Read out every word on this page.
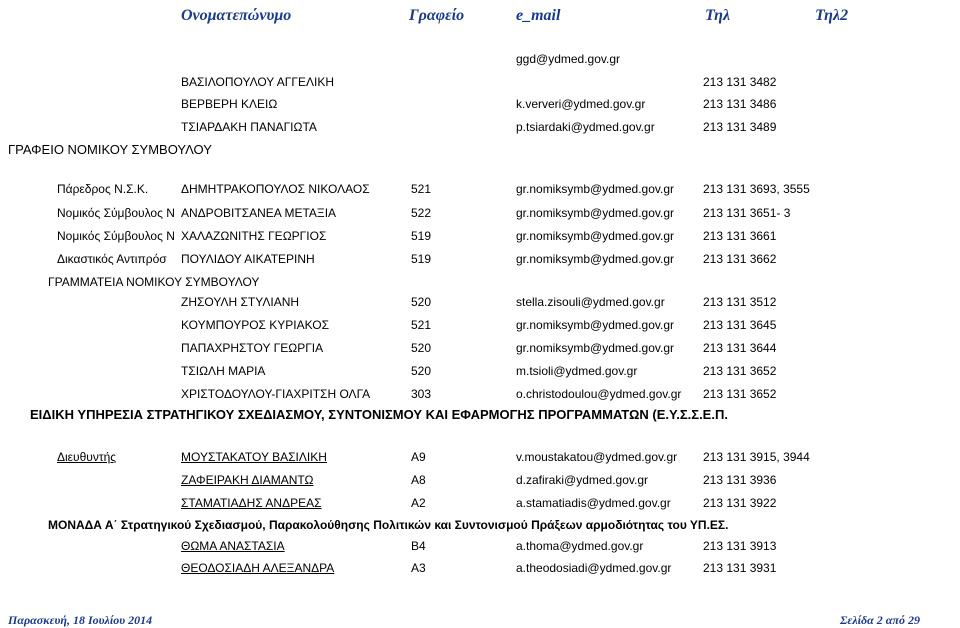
Ονοματεπώνυμο	Γραφείο	e_mail	Τηλ	Τηλ2
ggd@ydmed.gov.gr
ΒΑΣΙΛΟΠΟΥΛΟΥ ΑΓΓΕΛΙΚΗ	213 131 3482
ΒΕΡΒΕΡΗ ΚΛΕΙΩ	k.ververi@ydmed.gov.gr	213 131 3486
ΤΣΙΑΡΔΑΚΗ ΠΑΝΑΓΙΩΤΑ	p.tsiardaki@ydmed.gov.gr	213 131 3489
ΓΡΑΦΕΙΟ ΝΟΜΙΚΟΥ ΣΥΜΒΟΥΛΟΥ
Πάρεδρος Ν.Σ.Κ.	ΔΗΜΗΤΡΑΚΟΠΟΥΛΟΣ ΝΙΚΟΛΑΟΣ	521	gr.nomiksymb@ydmed.gov.gr 213 131 3693, 3555
Νομικός Σύμβουλος Ν ΑΝΔΡΟΒΙΤΣΑΝΕΑ ΜΕΤΑΞΙΑ	522	gr.nomiksymb@ydmed.gov.gr 213 131 3651- 3
Νομικός Σύμβουλος Ν ΧΑΛΑΖΩΝΙΤΗΣ ΓΕΩΡΓΙΟΣ	519	gr.nomiksymb@ydmed.gov.gr 213 131 3661
Δικαστικός Αντιπρόσ ΠΟΥΛΙΔΟΥ ΑΙΚΑΤΕΡΙΝΗ	519	gr.nomiksymb@ydmed.gov.gr 213 131 3662
ΓΡΑΜΜΑΤΕΙΑ ΝΟΜΙΚΟΥ ΣΥΜΒΟΥΛΟΥ
ΖΗΣΟΥΛΗ ΣΤΥΛΙΑΝΗ	520	stella.zisouli@ydmed.gov.gr	213 131 3512
ΚΟΥΜΠΟΥΡΟΣ ΚΥΡΙΑΚΟΣ	521	gr.nomiksymb@ydmed.gov.gr 213 131 3645
ΠΑΠΑΧΡΗΣΤΟΥ ΓΕΩΡΓΙΑ	520	gr.nomiksymb@ydmed.gov.gr 213 131 3644
ΤΣΙΩΛΗ ΜΑΡΙΑ	520	m.tsioli@ydmed.gov.gr	213 131 3652
ΧΡΙΣΤΟΔΟΥΛΟΥ-ΓΙΑΧΡΙΤΣΗ ΟΛΓΑ	303	o.christodoulou@ydmed.gov.gr 213 131 3652
ΕΙΔΙΚΗ ΥΠΗΡΕΣΙΑ ΣΤΡΑΤΗΓΙΚΟΥ ΣΧΕΔΙΑΣΜΟΥ, ΣΥΝΤΟΝΙΣΜΟΥ ΚΑΙ ΕΦΑΡΜΟΓΗΣ ΠΡΟΓΡΑΜΜΑΤΩΝ (Ε.Υ.Σ.Σ.Ε.Π.
Διευθυντής	ΜΟΥΣΤΑΚΑΤΟΥ ΒΑΣΙΛΙΚΗ	Α9	v.moustakatou@ydmed.gov.gr 213 131 3915, 3944
ΖΑΦΕΙΡΑΚΗ ΔΙΑΜΑΝΤΩ	Α8	d.zafiraki@ydmed.gov.gr	213 131 3936
ΣΤΑΜΑΤΙΑΔΗΣ ΑΝΔΡΕΑΣ	Α2	a.stamatiadis@ydmed.gov.gr	213 131 3922
ΜΟΝΑΔΑ Α΄ Στρατηγικού Σχεδιασμού, Παρακολούθησης Πολιτικών και Συντονισμού Πράξεων αρμοδιότητας του ΥΠ.ΕΣ.
ΘΩΜΑ ΑΝΑΣΤΑΣΙΑ	Β4	a.thoma@ydmed.gov.gr	213 131 3913
ΘΕΟΔΟΣΙΑΔΗ ΑΛΕΞΑΝΔΡΑ	Α3	a.theodosiadi@ydmed.gov.gr	213 131 3931
Παρασκευή, 18 Ιουλίου 2014	Σελίδα 2 από 29
